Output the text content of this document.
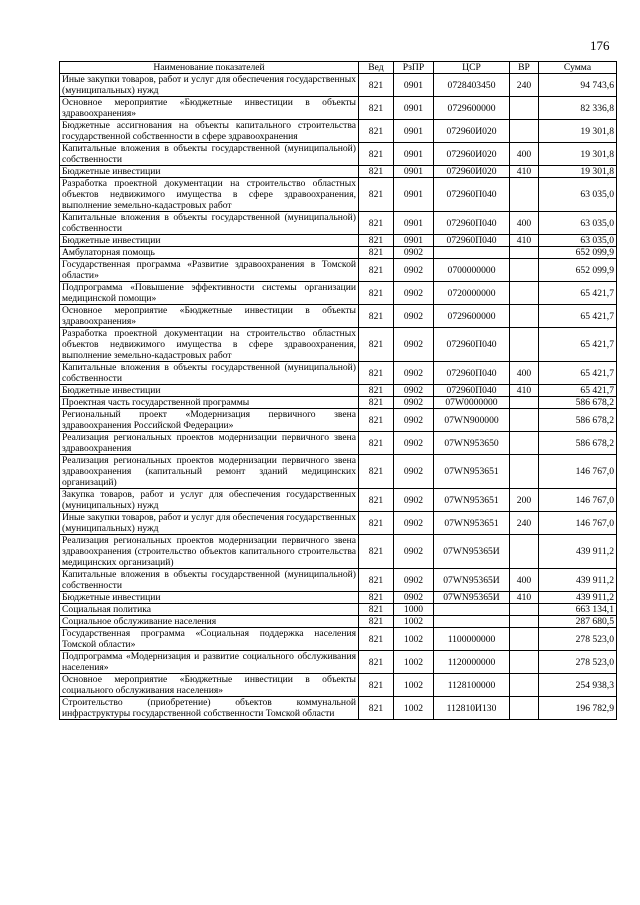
176
Наименование показателей	Вед	РзПР	ЦСР	ВР	Сумма
Иные закупки товаров, работ и услуг для обеспечения государственных (муниципальных) нужд	821	0901	0728403450	240	94 743,6
Основное мероприятие «Бюджетные инвестиции в объекты здравоохранения»	821	0901	0729600000		82 336,8
Бюджетные ассигнования на объекты капитального строительства государственной собственности в сфере здравоохранения	821	0901	072960И020		19 301,8
Капитальные вложения в объекты государственной (муниципальной) собственности	821	0901	072960И020	400	19 301,8
Бюджетные инвестиции	821	0901	072960И020	410	19 301,8
Разработка проектной документации на строительство областных объектов недвижимого имущества в сфере здравоохранения, выполнение земельно-кадастровых работ	821	0901	072960П040		63 035,0
Капитальные вложения в объекты государственной (муниципальной) собственности	821	0901	072960П040	400	63 035,0
Бюджетные инвестиции	821	0901	072960П040	410	63 035,0
Амбулаторная помощь	821	0902			652 099,9
Государственная программа «Развитие здравоохранения в Томской области»	821	0902	0700000000		652 099,9
Подпрограмма «Повышение эффективности системы организации медицинской помощи»	821	0902	0720000000		65 421,7
Основное мероприятие «Бюджетные инвестиции в объекты здравоохранения»	821	0902	0729600000		65 421,7
Разработка проектной документации на строительство областных объектов недвижимого имущества в сфере здравоохранения, выполнение земельно-кадастровых работ	821	0902	072960П040		65 421,7
Капитальные вложения в объекты государственной (муниципальной) собственности	821	0902	072960П040	400	65 421,7
Бюджетные инвестиции	821	0902	072960П040	410	65 421,7
Проектная часть государственной программы	821	0902	07W0000000		586 678,2
Региональный проект «Модернизация первичного звена здравоохранения Российской Федерации»	821	0902	07WN900000		586 678,2
Реализация региональных проектов модернизации первичного звена здравоохранения	821	0902	07WN953650		586 678,2
Реализация региональных проектов модернизации первичного звена здравоохранения (капитальный ремонт зданий медицинских организаций)	821	0902	07WN953651		146 767,0
Закупка товаров, работ и услуг для обеспечения государственных (муниципальных) нужд	821	0902	07WN953651	200	146 767,0
Иные закупки товаров, работ и услуг для обеспечения государственных (муниципальных) нужд	821	0902	07WN953651	240	146 767,0
Реализация региональных проектов модернизации первичного звена здравоохранения (строительство объектов капитального строительства медицинских организаций)	821	0902	07WN95365И		439 911,2
Капитальные вложения в объекты государственной (муниципальной) собственности	821	0902	07WN95365И	400	439 911,2
Бюджетные инвестиции	821	0902	07WN95365И	410	439 911,2
Социальная политика	821	1000			663 134,1
Социальное обслуживание населения	821	1002			287 680,5
Государственная программа «Социальная поддержка населения Томской области»	821	1002	1100000000		278 523,0
Подпрограмма «Модернизация и развитие социального обслуживания населения»	821	1002	1120000000		278 523,0
Основное мероприятие «Бюджетные инвестиции в объекты социального обслуживания населения»	821	1002	1128100000		254 938,3
Строительство (приобретение) объектов коммунальной инфраструктуры государственной собственности Томской области	821	1002	112810И130		196 782,9
